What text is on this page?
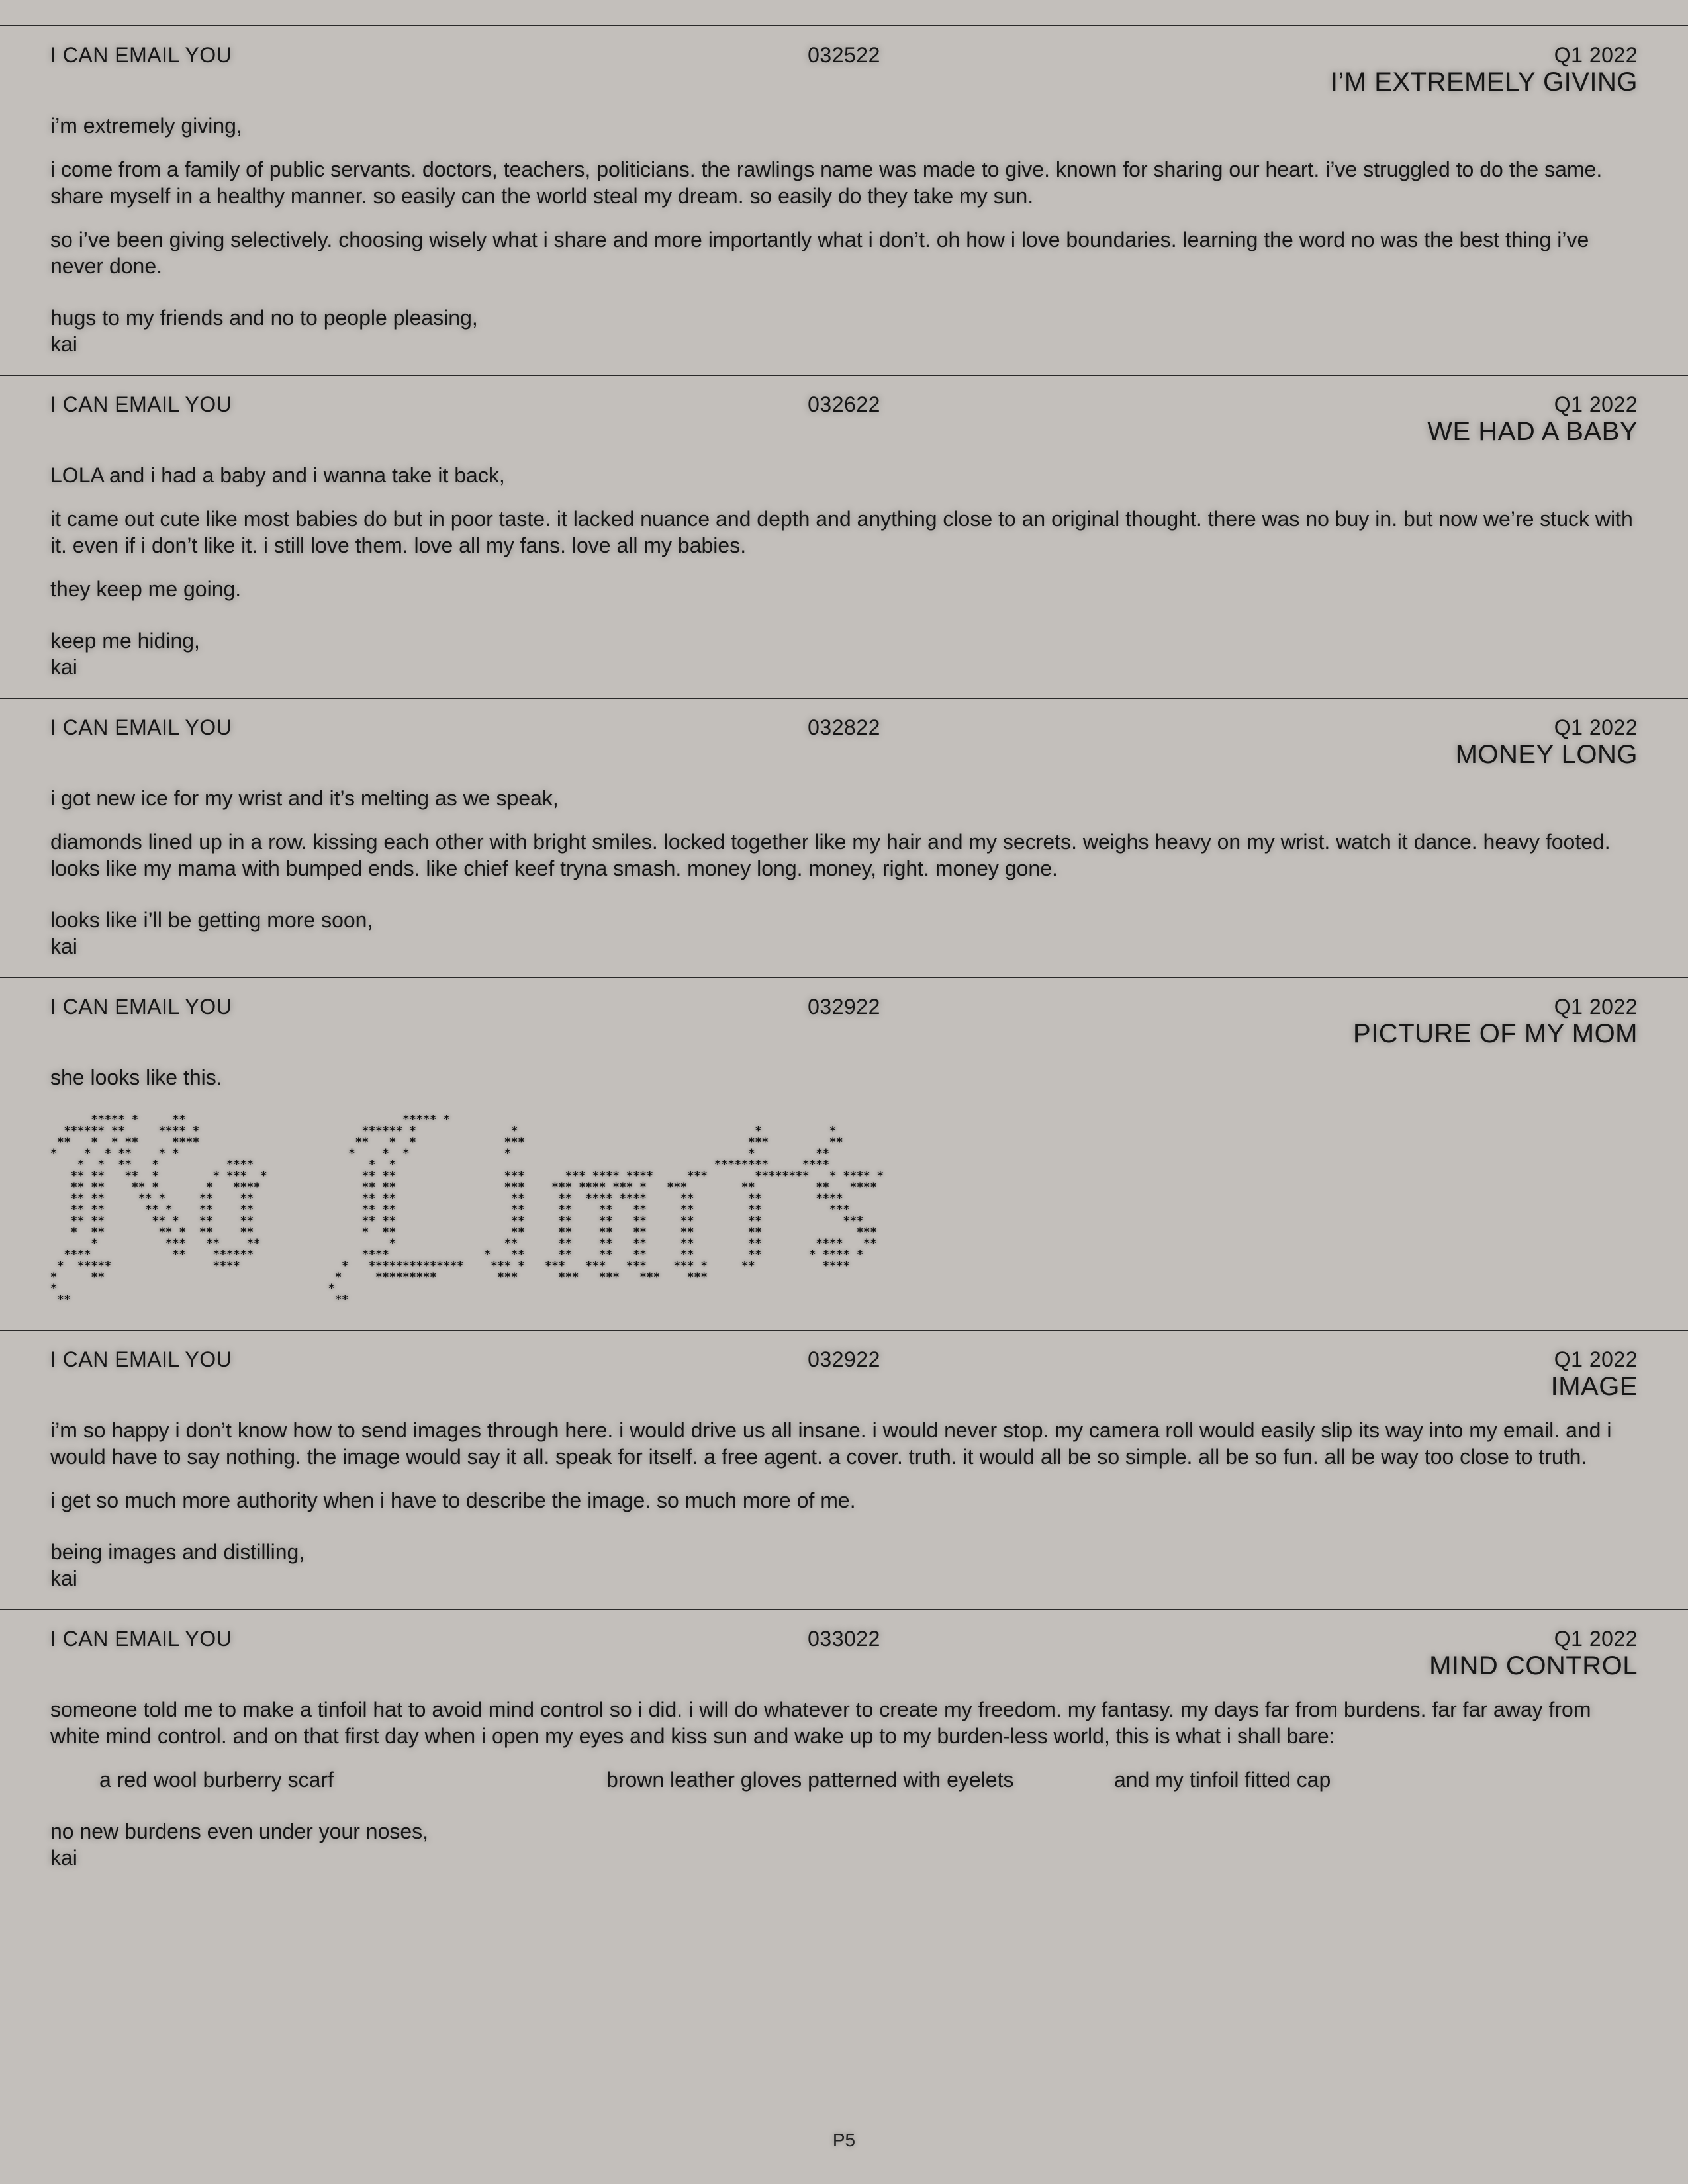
I CAN EMAIL YOU	032522	Q1 2022
I’M EXTREMELY GIVING

i’m extremely giving,

i come from a family of public servants. doctors, teachers, politicians. the rawlings name was made to give. known for sharing our heart. i’ve struggled to do the same. share myself in a healthy manner. so easily can the world steal my dream. so easily do they take my sun.

so i’ve been giving selectively. choosing wisely what i share and more importantly what i don’t. oh how i love boundaries. learning the word no was the best thing i’ve never done.

hugs to my friends and no to people pleasing,
kai
I CAN EMAIL YOU	032622	Q1 2022
WE HAD A BABY

LOLA and i had a baby and i wanna take it back,

it came out cute like most babies do but in poor taste. it lacked nuance and depth and anything close to an original thought. there was no buy in. but now we’re stuck with it. even if i don’t like it. i still love them. love all my fans. love all my babies.

they keep me going.

keep me hiding,
kai
I CAN EMAIL YOU	032822	Q1 2022
MONEY LONG

i got new ice for my wrist and it’s melting as we speak,

diamonds lined up in a row. kissing each other with bright smiles. locked together like my hair and my secrets. weighs heavy on my wrist. watch it dance. heavy footed. looks like my mama with bumped ends. like chief keef tryna smash. money long. money, right. money gone.

looks like i’ll be getting more soon,
kai
I CAN EMAIL YOU	032922	Q1 2022
PICTURE OF MY MOM

she looks like this.

***** *     **                                ***** *
****** **     **** *                        ****** *              *                                   *          *
**   *  * **     ****                       **   *  *             ***                                 ***         **
*    *  * **    * *                         *    *  *              *                                   *         **
*  *  **   *          ****                 *  *                                               ********     ****
** **   **  *        * ***  *              ** **                ***      *** **** ****     ***       ********   * **** *
** **    ** *       *   ****               ** **                ***    *** **** *** *   ***        **         **   ****
** **     ** *     **    **                ** **                 **     **  **** ****     **        **        ****
** **      ** *    **    **                ** **                 **     **    **   **     **        **          ***
** **       ** *   **    **                ** **                 **     **    **   **     **        **            ***
*  **        ** *  **    **                *  **                 **     **    **   **     **        **              ***
*          ***   **    **                   *                **      **    **   **     **        **        ****   **
****            **    ******                ****              *   **     **    **   **     **        **       * **** *
*  *****               ****               *   **************    *** *   ***   ***   ***    *** *     **          ****
*     **                                  *     *********         ***      ***   ***   ***    ***
*                                        *
**                                       **
I CAN EMAIL YOU	032922	Q1 2022
IMAGE

i’m so happy i don’t know how to send images through here. i would drive us all insane. i would never stop. my camera roll would easily slip its way into my email. and i would have to say nothing. the image would say it all. speak for itself. a free agent. a cover. truth. it would all be so simple. all be so fun. all be way too close to truth.

i get so much more authority when i have to describe the image. so much more of me.

being images and distilling,
kai
I CAN EMAIL YOU	033022	Q1 2022
MIND CONTROL

someone told me to make a tinfoil hat to avoid mind control so i did. i will do whatever to create my freedom. my fantasy. my days far from burdens. far far away from white mind control. and on that first day when i open my eyes and kiss sun and wake up to my burden-less world, this is what i shall bare:

a red wool burberry scarf	brown leather gloves patterned with eyelets	and my tinfoil fitted cap
no new burdens even under your noses,
kai
P5
